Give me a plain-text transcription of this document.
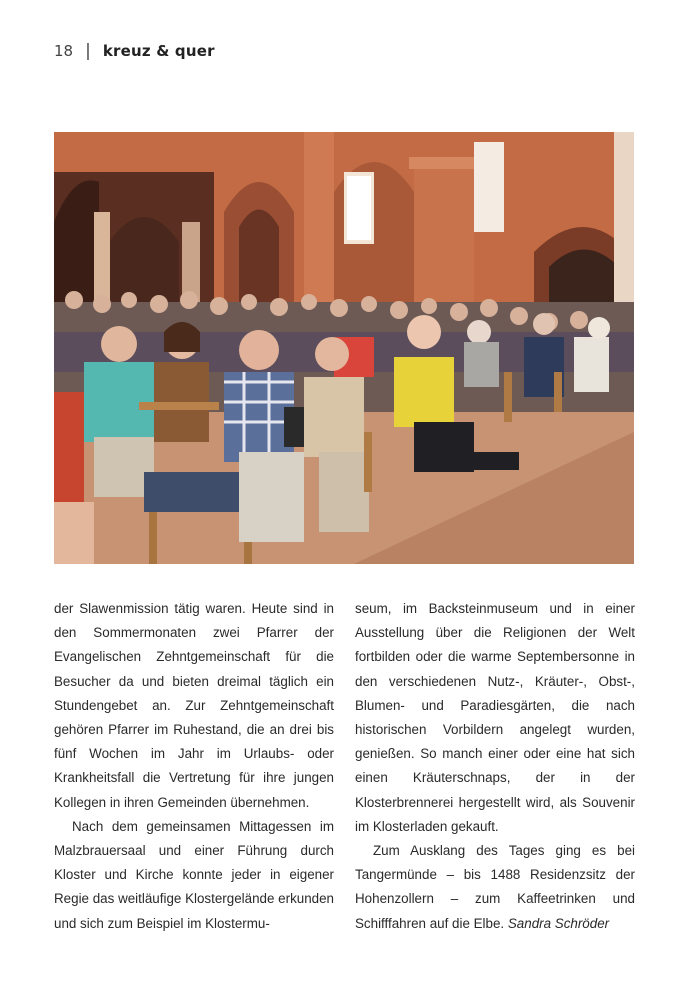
18 | kreuz & quer

der Slawenmission tätig waren. Heute sind in den Sommermonaten zwei Pfarrer der Evangelischen Zehntgemeinschaft für die Besucher da und bieten dreimal täglich ein Stundengebet an. Zur Zehntgemeinschaft gehören Pfarrer im Ruhestand, die an drei bis fünf Wochen im Jahr im Urlaubs- oder Krankheitsfall die Vertretung für ihre jungen Kollegen in ihren Gemeinden übernehmen.

Nach dem gemeinsamen Mittagessen im Malzbrauersaal und einer Führung durch Kloster und Kirche konnte jeder in eigener Regie das weitläufige Klostergelände erkunden und sich zum Beispiel im Klostermu-

seum, im Backsteinmuseum und in einer Ausstellung über die Religionen der Welt fortbilden oder die warme Septembersonne in den verschiedenen Nutz-, Kräuter-, Obst-, Blumen- und Paradiesgärten, die nach historischen Vorbildern angelegt wurden, genießen. So manch einer oder eine hat sich einen Kräuterschnaps, der in der Klosterbrennerei hergestellt wird, als Souvenir im Klosterladen gekauft.

Zum Ausklang des Tages ging es bei Tangermünde – bis 1488 Residenzsitz der Hohenzollern – zum Kaffeetrinken und Schifffahren auf die Elbe. Sandra Schröder
